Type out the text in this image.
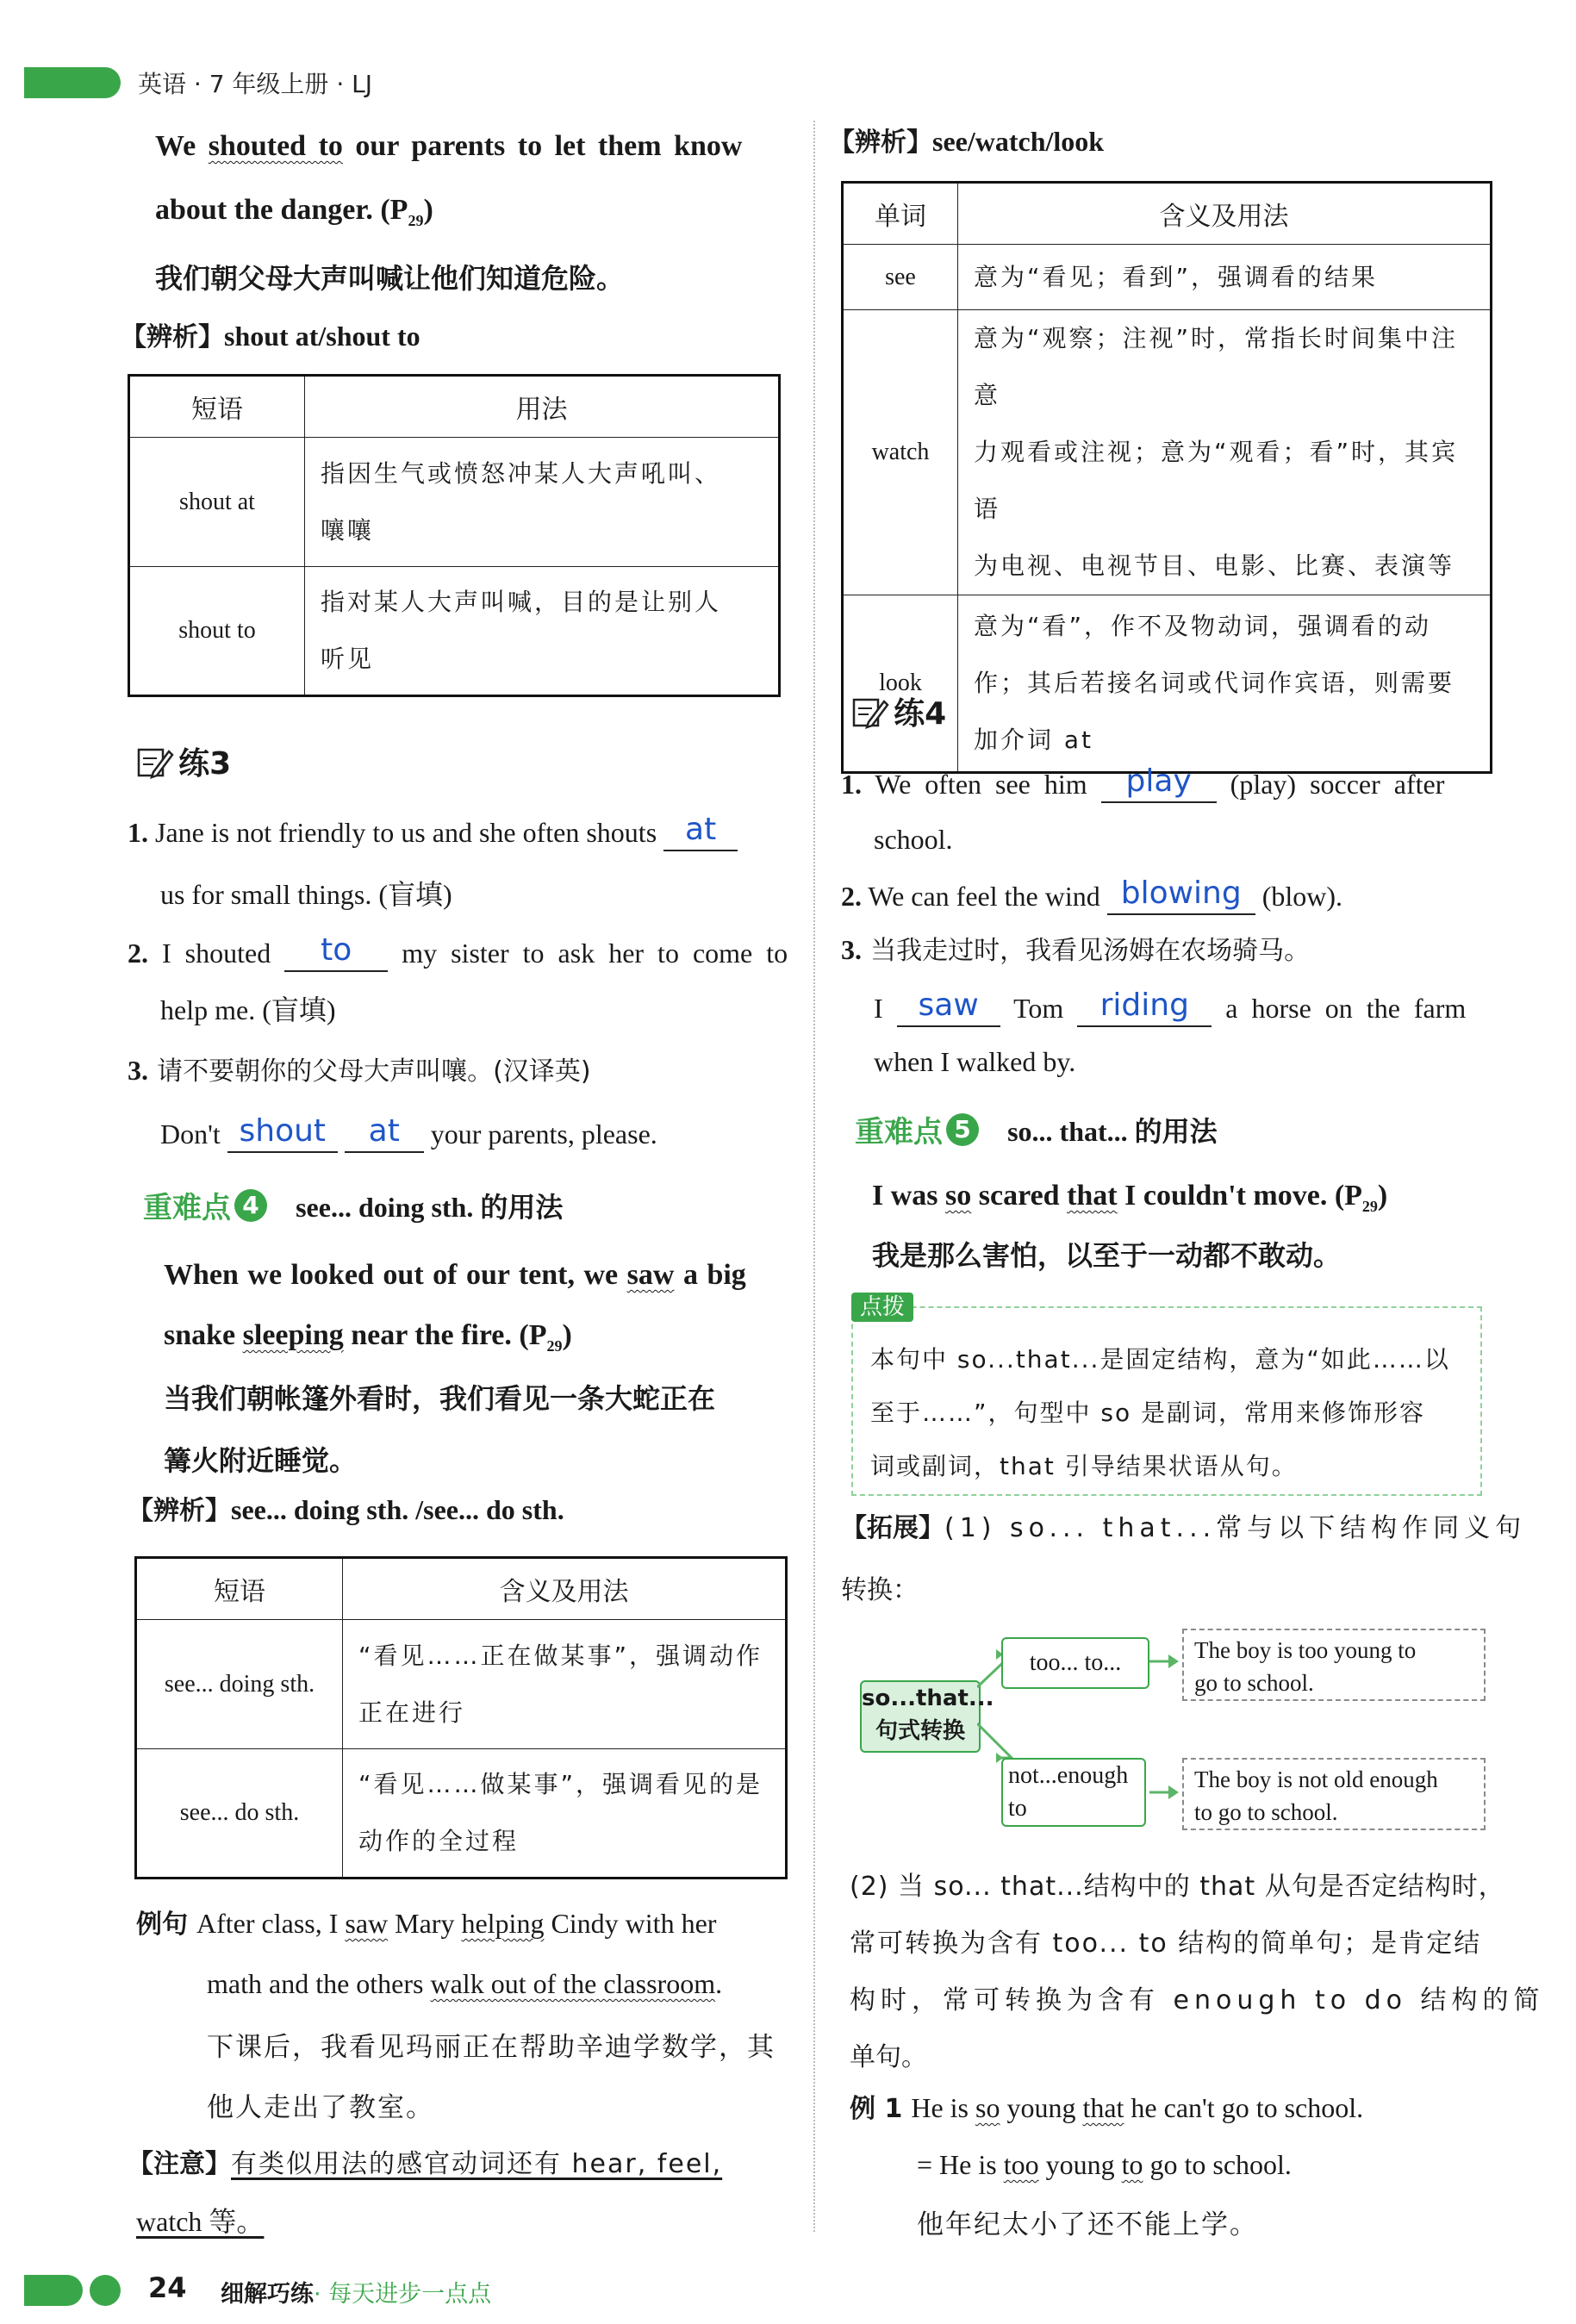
英语 · 7 年级上册 · LJ
We shouted to our parents to let them know
about the danger. $(P_{29})$
我们朝父母大声叫喊让他们知道危险。
【辨析】shout at/shout to
短语	用法
shout at	指因生气或愤怒冲某人大声吼叫、
嚷嚷

shout to	指对某人大声叫喊，目的是让别人
听见
练3
1. Jane is not friendly to us and she often shouts at
us for small things. (盲填)
2. I shouted to my sister to ask her to come to
help me. (盲填)
3. 请不要朝你的父母大声叫嚷。(汉译英)
Don't shout at your parents, please.
重难点 4 see... doing sth. 的用法
When we looked out of our tent, we saw a big
snake sleeping near the fire. $(P_{29})$
当我们朝帐篷外看时，我们看见一条大蛇正在
篝火附近睡觉。
【辨析】see... doing sth. /see... do sth.
短语	含义及用法
see... doing sth.	“看见……正在做某事”，强调动作
正在进行

see... do sth.	“看见……做某事”，强调看见的是
动作的全过程
例句 After class, I saw Mary helping Cindy with her
math and the others walk out of the classroom.
下课后，我看见玛丽正在帮助辛迪学数学，其
他人走出了教室。
【注意】有类似用法的感官动词还有 hear, feel,
watch 等。
【辨析】see/watch/look
单词	含义及用法
see	意为“看见；看到”，强调看的结果

watch	意为“观察；注视”时，常指长时间集中注意
力观看或注视；意为“观看；看”时，其宾语
为电视、电视节目、电影、比赛、表演等

look	意为“看”，作不及物动词，强调看的动
作；其后若接名词或代词作宾语，则需要
加介词 at
练4
1. We often see him play (play) soccer after
school.
2. We can feel the wind blowing (blow).
3. 当我走过时，我看见汤姆在农场骑马。
I saw Tom riding a horse on the farm
when I walked by.
重难点 5 so... that... 的用法
I was so scared that I couldn't move. $(P_{29})$
我是那么害怕，以至于一动都不敢动。
点拨
本句中 so...that...是固定结构，意为“如此……以
至于……”，句型中 so 是副词，常用来修饰形容
词或副词，that 引导结果状语从句。
【拓展】(1) so... that...常与以下结构作同义句
转换：
so...that...
句式转换
too... to...
not...enough
to
The boy is too young to
go to school.
The boy is not old enough
to go to school.
(2) 当 so... that...结构中的 that 从句是否定结构时，
常可转换为含有 too... to 结构的简单句；是肯定结
构时，常可转换为含有 enough to do 结构的简
单句。
例 1 He is so young that he can't go to school.
= He is too young to go to school.
他年纪太小了还不能上学。
24 细解巧练· 每天进步一点点
